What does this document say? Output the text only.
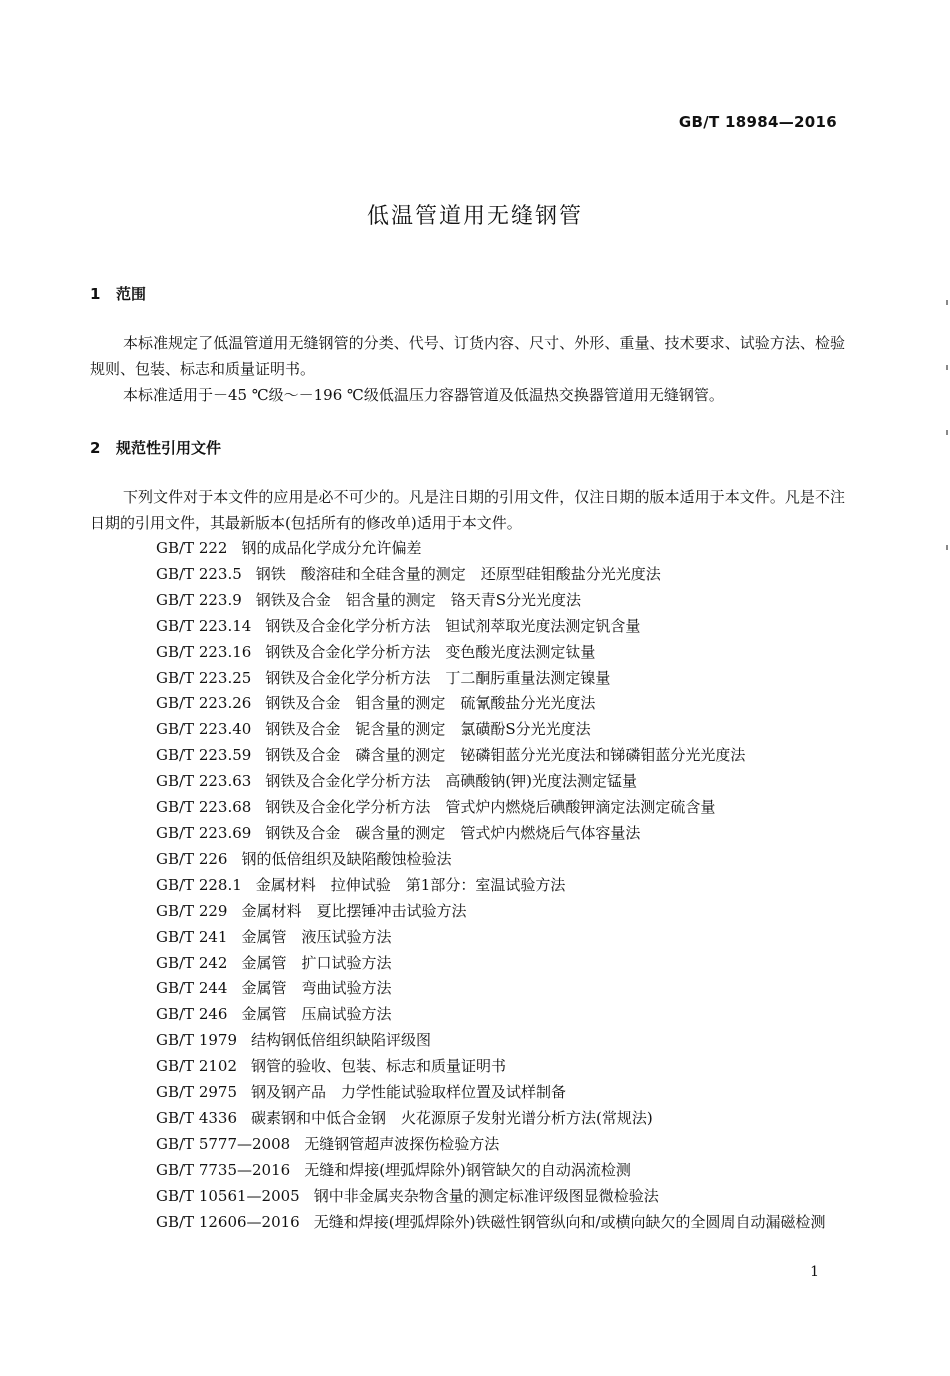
GB/T 18984—2016
低温管道用无缝钢管
1 范围

本标准规定了低温管道用无缝钢管的分类、代号、订货内容、尺寸、外形、重量、技术要求、试验方法、检验规则、包装、标志和质量证明书。

本标准适用于－45 ℃级～－196 ℃级低温压力容器管道及低温热交换器管道用无缝钢管。

2 规范性引用文件

下列文件对于本文件的应用是必不可少的。凡是注日期的引用文件，仅注日期的版本适用于本文件。凡是不注日期的引用文件，其最新版本(包括所有的修改单)适用于本文件。

GB/T 222 钢的成品化学成分允许偏差
GB/T 223.5 钢铁　酸溶硅和全硅含量的测定　还原型硅钼酸盐分光光度法
GB/T 223.9 钢铁及合金　铝含量的测定　铬天青S分光光度法
GB/T 223.14 钢铁及合金化学分析方法　钽试剂萃取光度法测定钒含量
GB/T 223.16 钢铁及合金化学分析方法　变色酸光度法测定钛量
GB/T 223.25 钢铁及合金化学分析方法　丁二酮肟重量法测定镍量
GB/T 223.26 钢铁及合金　钼含量的测定　硫氰酸盐分光光度法
GB/T 223.40 钢铁及合金　铌含量的测定　氯磺酚S分光光度法
GB/T 223.59 钢铁及合金　磷含量的测定　铋磷钼蓝分光光度法和锑磷钼蓝分光光度法
GB/T 223.63 钢铁及合金化学分析方法　高碘酸钠(钾)光度法测定锰量
GB/T 223.68 钢铁及合金化学分析方法　管式炉内燃烧后碘酸钾滴定法测定硫含量
GB/T 223.69 钢铁及合金　碳含量的测定　管式炉内燃烧后气体容量法
GB/T 226 钢的低倍组织及缺陷酸蚀检验法
GB/T 228.1 金属材料　拉伸试验　第1部分：室温试验方法
GB/T 229 金属材料　夏比摆锤冲击试验方法
GB/T 241 金属管　液压试验方法
GB/T 242 金属管　扩口试验方法
GB/T 244 金属管　弯曲试验方法
GB/T 246 金属管　压扁试验方法
GB/T 1979 结构钢低倍组织缺陷评级图
GB/T 2102 钢管的验收、包装、标志和质量证明书
GB/T 2975 钢及钢产品　力学性能试验取样位置及试样制备
GB/T 4336 碳素钢和中低合金钢　火花源原子发射光谱分析方法(常规法)
GB/T 5777—2008 无缝钢管超声波探伤检验方法
GB/T 7735—2016 无缝和焊接(埋弧焊除外)钢管缺欠的自动涡流检测
GB/T 10561—2005 钢中非金属夹杂物含量的测定标准评级图显微检验法
GB/T 12606—2016 无缝和焊接(埋弧焊除外)铁磁性钢管纵向和/或横向缺欠的全圆周自动漏磁检测
1
